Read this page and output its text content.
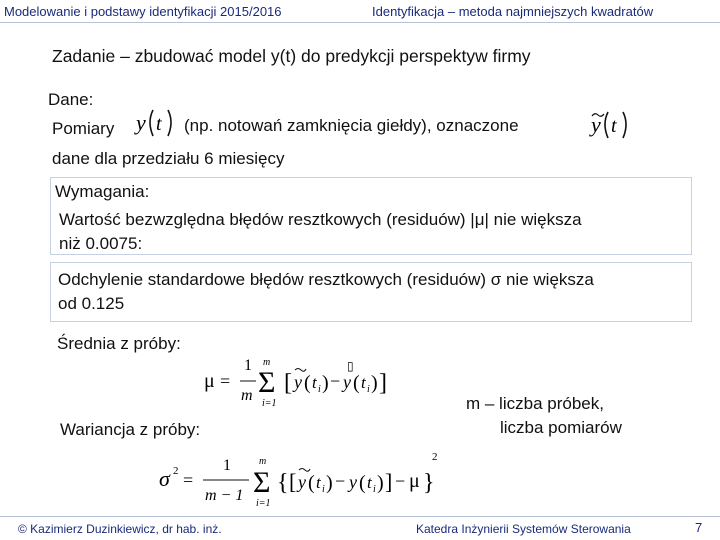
Modelowanie i podstawy identyfikacji 2015/2016	Identyfikacja – metoda najmniejszych kwadratów
Zadanie – zbudować model y(t) do predykcji perspektyw firmy
Dane:
Pomiary y t (np. notowań zamknięcia giełdy), oznaczone	y t
dane dla przedziału 6 miesięcy
Wymagania:
Wartość bezwzględna błędów resztkowych (residuów) |μ| nie większa
niż 0.0075:
Odchylenie standardowe błędów resztkowych (residuów) σ nie większa
od 0.125
Średnia z próby:
μ =
1
m
m
Σ
i=1
[ y ( t i ) −
▯
y ( t i ) ]
Wariancja z próby:
m – liczba próbek,
liczba pomiarów
σ 2 =
1
m − 1
m
Σ
i=1
{ [ y ( t i ) − y ( t i ) ] − μ }
2
© Kazimierz Duzinkiewicz, dr hab. inż.	Katedra Inżynierii Systemów Sterowania	7
